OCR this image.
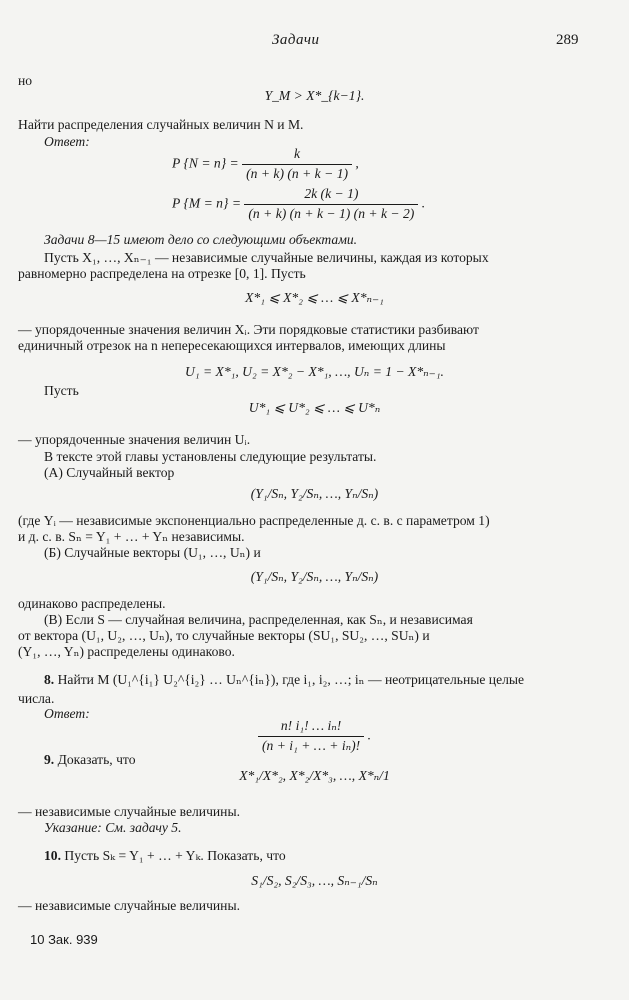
Задачи	289
но
Y_M > X*_{k−1}.
Найти распределения случайных величин N и M.
Ответ:
P $\{N = n\} = \frac{k}{(n + k) (n + k - 1)}$ ,
P $\{M = n\} = \frac{2k (k - 1)}{(n + k) (n + k - 1) (n + k - 2)}$ .
Задачи 8—15 имеют дело со следующими объектами.
Пусть X₁, …, Xₙ₋₁ — независимые случайные величины, каждая из которых
равномерно распределена на отрезке [0, 1]. Пусть
X*₁ ⩽ X*₂ ⩽ … ⩽ X*ₙ₋₁
— упорядоченные значения величин Xᵢ. Эти порядковые статистики разбивают
единичный отрезок на n непересекающихся интервалов, имеющих длины
U₁ = X*₁, U₂ = X*₂ − X*₁, …, Uₙ = 1 − X*ₙ₋₁.
Пусть
U*₁ ⩽ U*₂ ⩽ … ⩽ U*ₙ
— упорядоченные значения величин Uᵢ.
В тексте этой главы установлены следующие результаты.
(А) Случайный вектор
(Y₁/Sₙ, Y₂/Sₙ, …, Yₙ/Sₙ)
(где Yᵢ — независимые экспоненциально распределенные д. с. в. с параметром 1)
и д. с. в. Sₙ = Y₁ + … + Yₙ независимы.
(Б) Случайные векторы (U₁, …, Uₙ) и
(Y₁/Sₙ, Y₂/Sₙ, …, Yₙ/Sₙ)
одинаково распределены.
(В) Если S — случайная величина, распределенная, как Sₙ, и независимая
от вектора (U₁, U₂, …, Uₙ), то случайные векторы (SU₁, SU₂, …, SUₙ) и
(Y₁, …, Yₙ) распределены одинаково.
8. Найти M (U₁^{i₁} U₂^{i₂} … Uₙ^{iₙ}), где i₁, i₂, …; iₙ — неотрицательные целые
числа.
Ответ:
$\frac{\text{n! i₁! … iₙ!}}{\text{(n + i₁ + … + iₙ)!}}$ .
9. Доказать, что
X*₁/X*₂, X*₂/X*₃, …, X*ₙ/1
— независимые случайные величины.
Указание: См. задачу 5.
10. Пусть Sₖ = Y₁ + … + Yₖ. Показать, что
S₁/S₂, S₂/S₃, …, Sₙ₋₁/Sₙ
— независимые случайные величины.
10 Зак. 939
